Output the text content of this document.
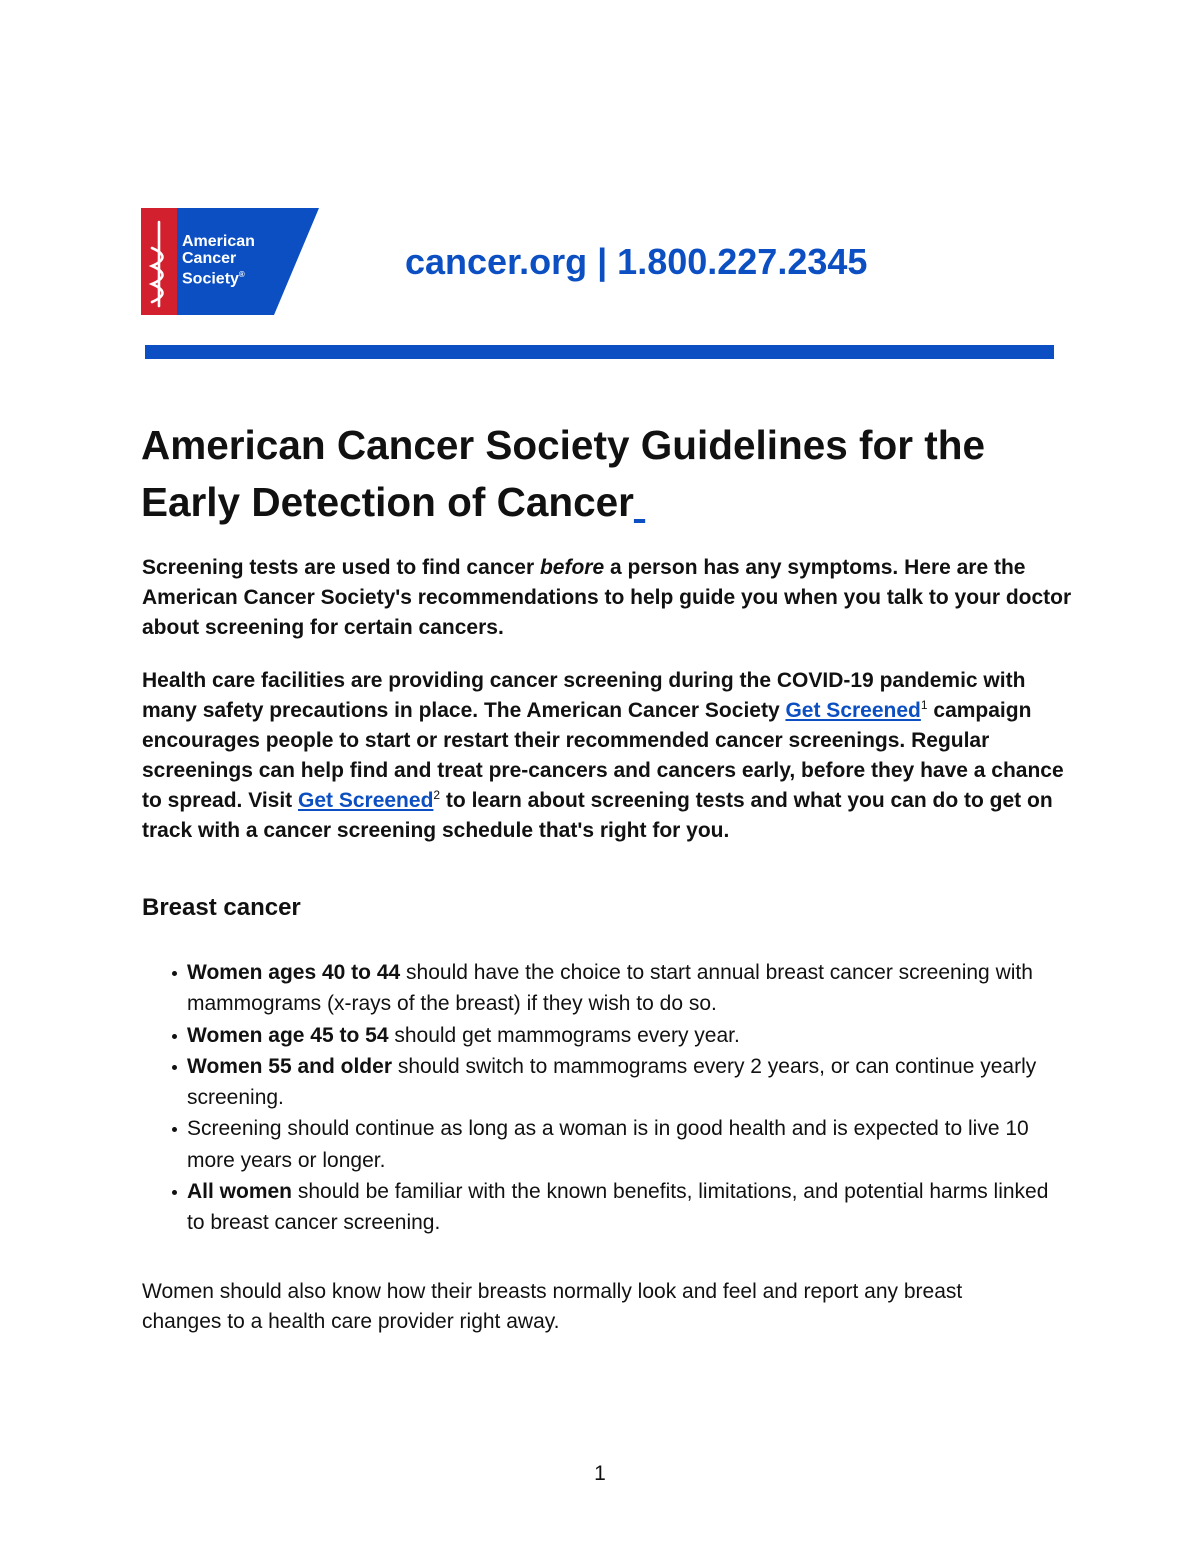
American
Cancer
Society®	cancer.org | 1.800.227.2345
American Cancer Society Guidelines for the Early Detection of Cancer

Screening tests are used to find cancer before a person has any symptoms. Here are the American Cancer Society's recommendations to help guide you when you talk to your doctor about screening for certain cancers.

Health care facilities are providing cancer screening during the COVID-19 pandemic with many safety precautions in place. The American Cancer Society Get Screened$^1$ campaign encourages people to start or restart their recommended cancer screenings. Regular screenings can help find and treat pre-cancers and cancers early, before they have a chance to spread. Visit Get Screened$^2$ to learn about screening tests and what you can do to get on track with a cancer screening schedule that's right for you.

Breast cancer
Women ages 40 to 44 should have the choice to start annual breast cancer screening with mammograms (x-rays of the breast) if they wish to do so.
Women age 45 to 54 should get mammograms every year.
Women 55 and older should switch to mammograms every 2 years, or can continue yearly screening.
Screening should continue as long as a woman is in good health and is expected to live 10 more years or longer.
All women should be familiar with the known benefits, limitations, and potential harms linked to breast cancer screening.

Women should also know how their breasts normally look and feel and report any breast changes to a health care provider right away.

1
